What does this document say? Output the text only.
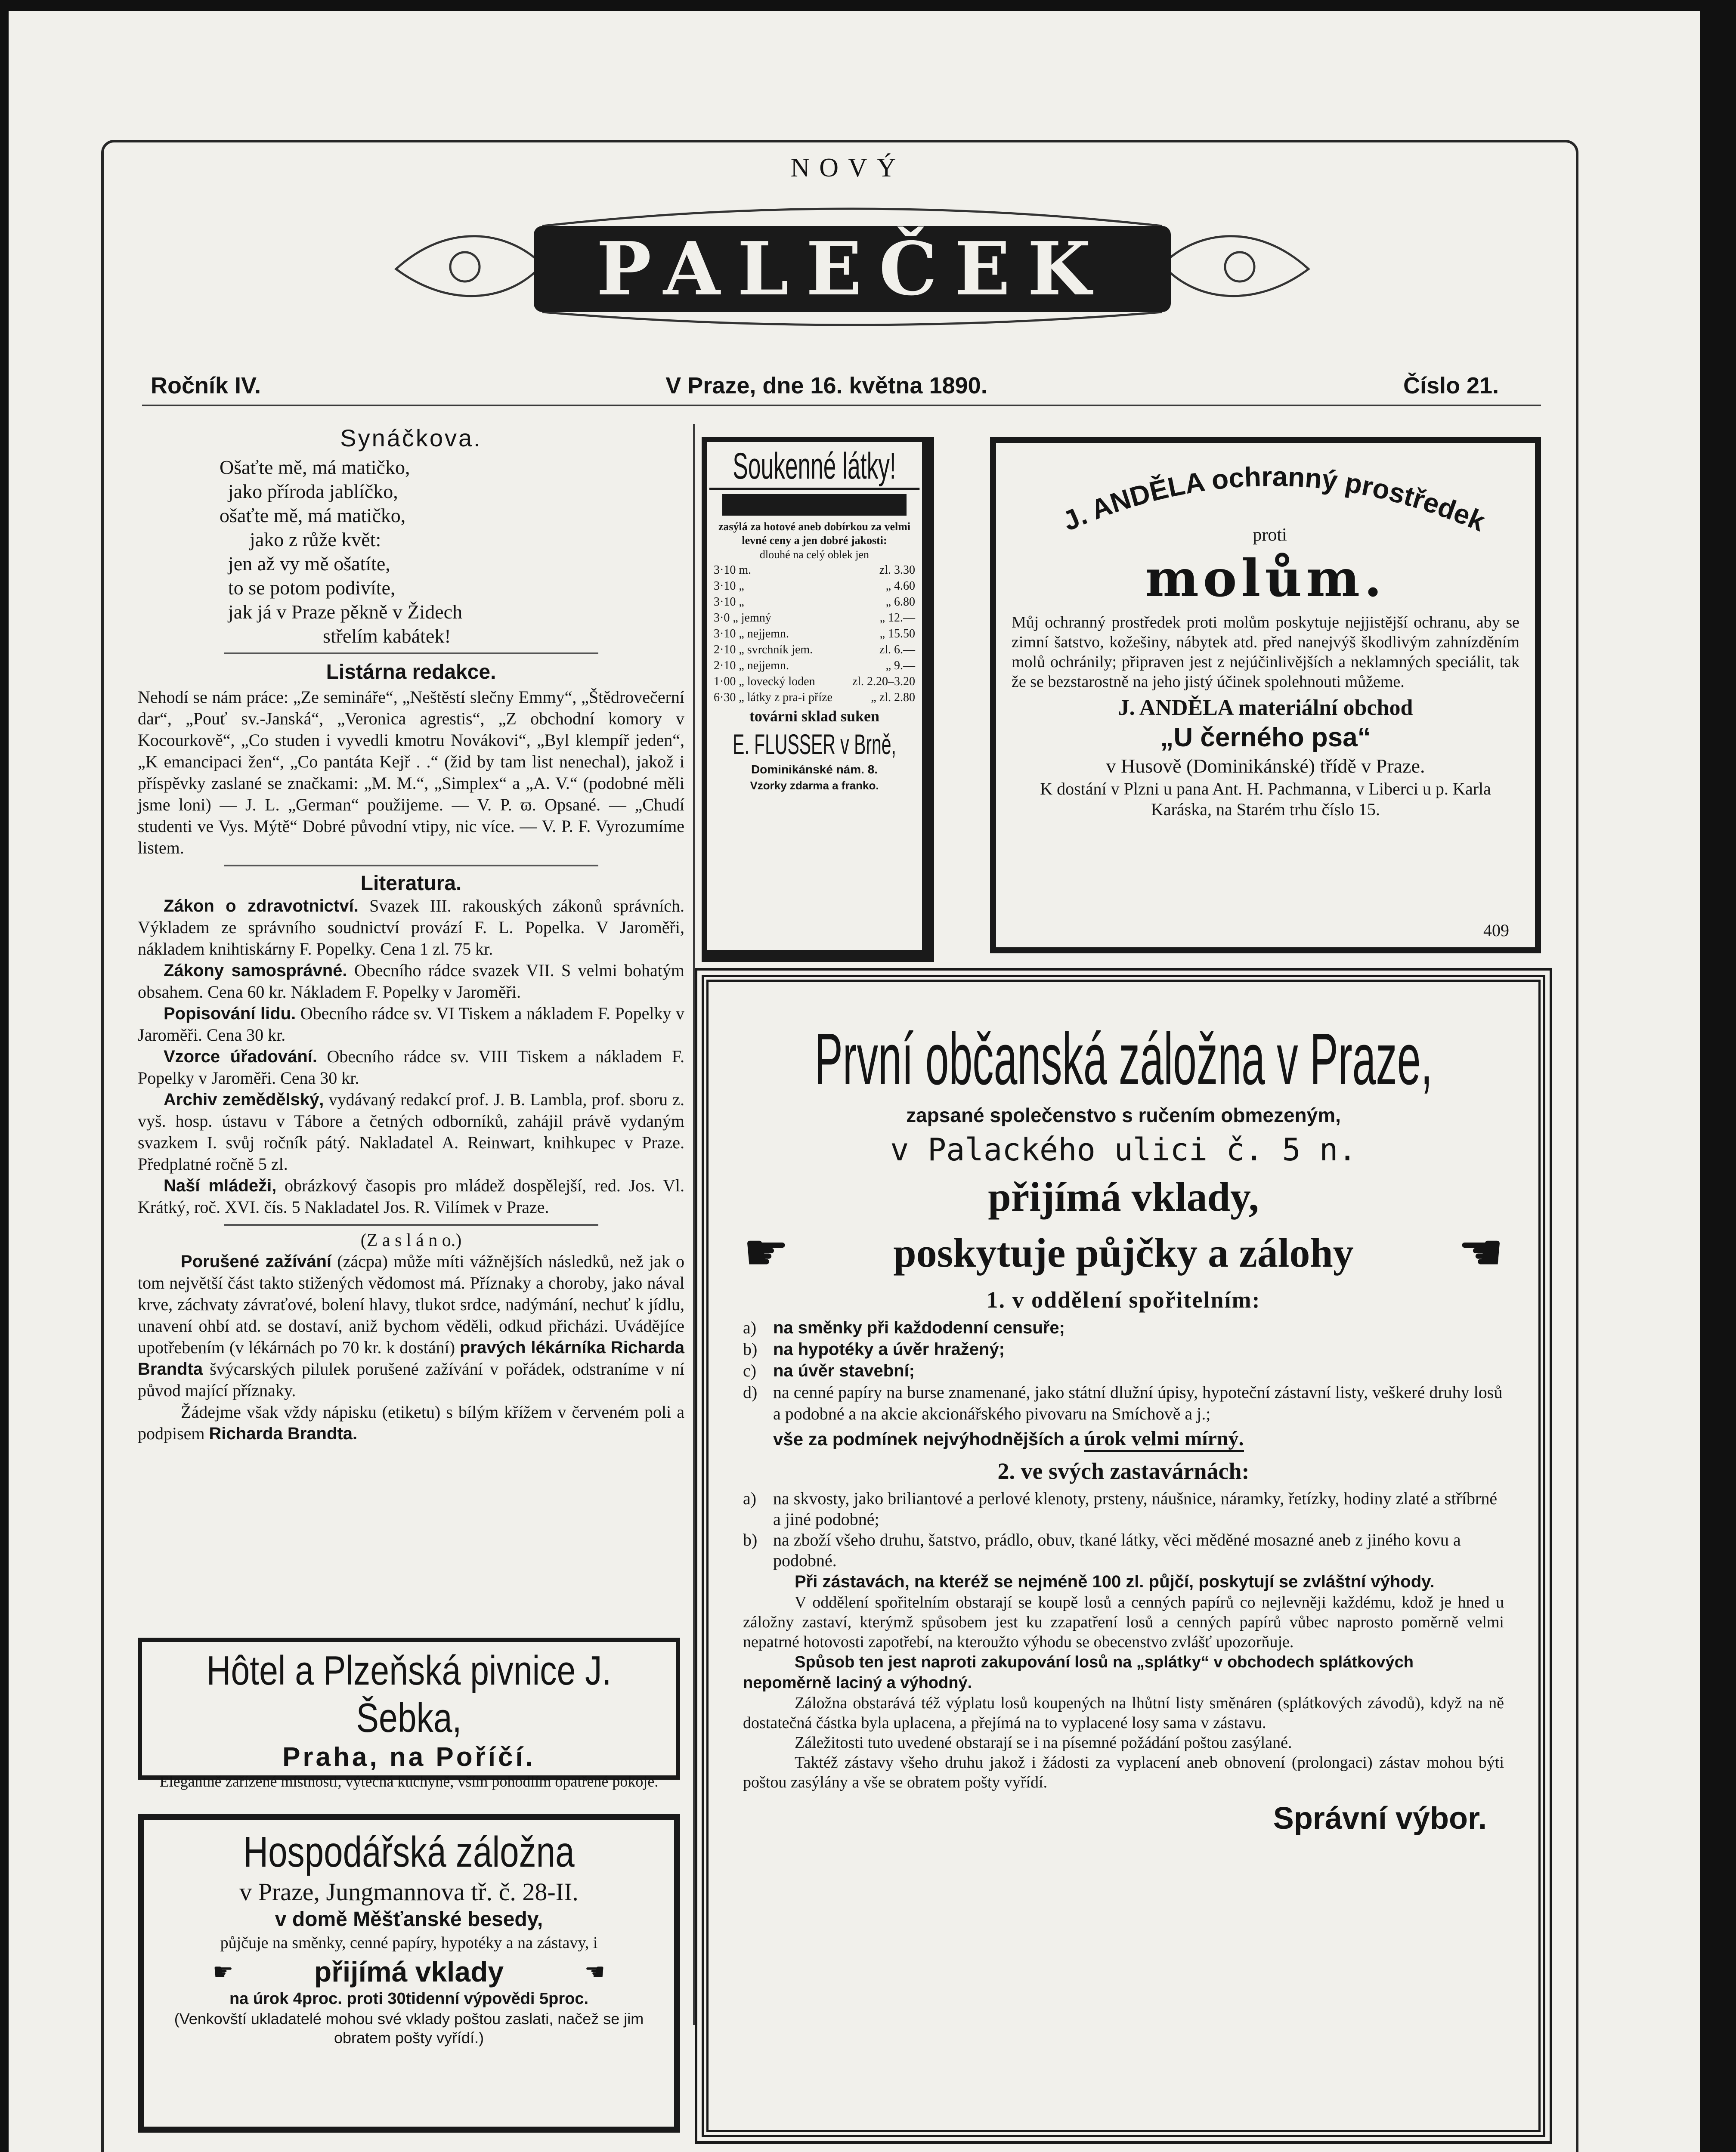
NOVÝ
PALEČEK
Ročník IV.	V Praze, dne 16. května 1890.	Číslo 21.
Synáčkova.
Ošaťte mě, má matičko,
jako příroda jablíčko,
ošaťte mě, má matičko,
jako z růže květ:
jen až vy mě ošatíte,
to se potom podivíte,
jak já v Praze pěkně v Židech
střelím kabátek!
Listárna redakce.
Nehodí se nám práce: „Ze semináře“, „Neštěstí slečny Emmy“, „Štědrovečerní dar“, „Pouť sv.-Janská“, „Veronica agrestis“, „Z obchodní komory v Kocourkově“, „Co studen i vyvedli kmotru Novákovi“, „Byl klempíř jeden“, „K emancipaci žen“, „Co pantáta Kejř . .“ (žid by tam list nenechal), jakož i příspěvky zaslané se značkami: „M. M.“, „Simplex“ a „A. V.“ (podobné měli jsme loni) — J. L. „German“ použijeme. — V. P. ϖ. Opsané. — „Chudí studenti ve Vys. Mýtě“ Dobré původní vtipy, nic více. — V. P. F. Vyrozumíme listem.
Literatura.
Zákon o zdravotnictví. Svazek III. rakouských zákonů správních. Výkladem ze správního soudnictví provází F. L. Popelka. V Jaroměři, nákladem knihtiskárny F. Popelky. Cena 1 zl. 75 kr.
Zákony samosprávné. Obecního rádce svazek VII. S velmi bohatým obsahem. Cena 60 kr. Nákladem F. Popelky v Jaroměři.
Popisování lidu. Obecního rádce sv. VI Tiskem a nákladem F. Popelky v Jaroměři. Cena 30 kr.
Vzorce úřadování. Obecního rádce sv. VIII Tiskem a nákladem F. Popelky v Jaroměři. Cena 30 kr.
Archiv zemědělský, vydávaný redakcí prof. J. B. Lambla, prof. sboru z. vyš. hosp. ústavu v Tábore a četných odborníků, zahájil právě vydaným svazkem I. svůj ročník pátý. Nakladatel A. Reinwart, knihkupec v Praze. Předplatné ročně 5 zl.
Naší mládeži, obrázkový časopis pro mládež dospělejší, red. Jos. Vl. Krátký, roč. XVI. čís. 5 Nakladatel Jos. R. Vilímek v Praze.
(Z a s l á n o.)
Porušené zažívání (zácpa) může míti vážnějších následků, než jak o tom největší část takto stižených vědomost má. Příznaky a choroby, jako nával krve, záchvaty závraťové, bolení hlavy, tlukot srdce, nadýmání, nechuť k jídlu, unavení ohbí atd. se dostaví, aniž bychom věděli, odkud přicházi. Uvádějíce upotřebením (v lékárnách po 70 kr. k dostání) pravých lékárníka Richarda Brandta švýcarských pilulek porušené zažívání v pořádek, odstraníme v ní původ mající příznaky.
Žádejme však vždy nápisku (etiketu) s bílým křížem v červeném poli a podpisem Richarda Brandta.
Hôtel a Plzeňská pivnice J. Šebka,
Praha, na Poříčí.
Elegantně zařízené místnosti, výtečná kuchyně, vším pohodlím opatřené pokoje.
Hospodářská záložna
v Praze, Jungmannova tř. č. 28-II.
v domě Měšťanské besedy,
půjčuje na směnky, cenné papíry, hypotéky a na zástavy, i
☛	přijímá vklady	☚
na úrok 4proc. proti 30tidenní výpovědi 5proc.
(Venkovští ukladatelé mohou své vklady poštou zaslati, načež se jim obratem pošty vyřídí.)
Soukenné látky!
zasýlá za hotové aneb dobírkou za velmi levné ceny a jen dobré jakosti:
dlouhé na celý oblek jen
3·10 m.	zl. 3.30
3·10 „	„ 4.60
3·10 „	„ 6.80
3·0 „ jemný	„ 12.—
3·10 „ nejjemn.	„ 15.50
2·10 „ svrchník jem.	zl. 6.—
2·10 „ nejjemn.	„ 9.—
1·00 „ lovecký loden	zl. 2.20–3.20
6·30 „ látky z pra-i přízе	„ zl. 2.80
továrni sklad suken
E. FLUSSER v Brně,
Dominikánské nám. 8.
Vzorky zdarma a franko.
J. ANDĚLA ochranný prostředek
proti
molům.
Můj ochranný prostředek proti molům poskytuje nejjistější ochranu, aby se zimní šatstvo, kožešiny, nábytek atd. před nanejvýš škodlivým zahnízděním molů ochránily; připraven jest z nejúčinlivějších a neklamných speciálit, tak že se bezstarostně na jeho jistý účinek spolehnouti můžeme.
J. ANDĚLA materiální obchod
„U černého psa“
v Husově (Dominikánské) třídě v Praze.
K dostání v Plzni u pana Ant. H. Pachmanna, v Liberci u p. Karla Karáska, na Starém trhu číslo 15.
409
První občanská záložna v Praze,
zapsané společenstvo s ručením obmezeným,
v Palackého ulici č. 5 n.
přijímá vklady,
☛	poskytuje půjčky a zálohy ☚
1. v oddělení spořitelním:
a) na směnky při každodenní censuře;
b) na hypotéky a úvěr hražený;
c) na úvěr stavební;
d) na cenné papíry na burse znamenané, jako státní dlužní úpisy, hypoteční zástavní listy, veškeré druhy losů a podobné a na akcie akcionářského pivovaru na Smíchově a j.;
vše za podmínek nejvýhodnějších a úrok velmi mírný.
2. ve svých zastavárnách:
a) na skvosty, jako briliantové a perlové klenoty, prsteny, náušnice, náramky, řetízky, hodiny zlaté a stříbrné a jiné podobné;
b) na zboží všeho druhu, šatstvo, prádlo, obuv, tkané látky, věci měděné mosazné aneb z jiného kovu a podobné.
Při zástavách, na kteréž se nejméně 100 zl. půjčí, poskytují se zvláštní výhody.
V oddělení spořitelním obstarají se koupě losů a cenných papírů co nejlevněji každému, kdož je hned u záložny zastaví, kterýmž spůsobem jest ku zzapatření losů a cenných papírů vůbec naprosto poměrně velmi nepatrné hotovosti zapotřebí, na kteroužto výhodu se obecenstvo zvlášť upozorňuje.
Spůsob ten jest naproti zakupování losů na „splátky“ v obchodech splátkových nepoměrně laciný a výhodný.
Záložna obstarává též výplatu losů koupených na lhůtní listy směnáren (splátkových závodů), když na ně dostatečná částka byla uplacena, a přejímá na to vyplacené losy sama v zástavu.
Záležitosti tuto uvedené obstarají se i na písemné požádání poštou zasýlané.
Taktéž zástavy všeho druhu jakož i žádosti za vyplacení aneb obnovení (prolongaci) zástav mohou býti poštou zasýlány a vše se obratem pošty vyřídí.
Správní výbor.
